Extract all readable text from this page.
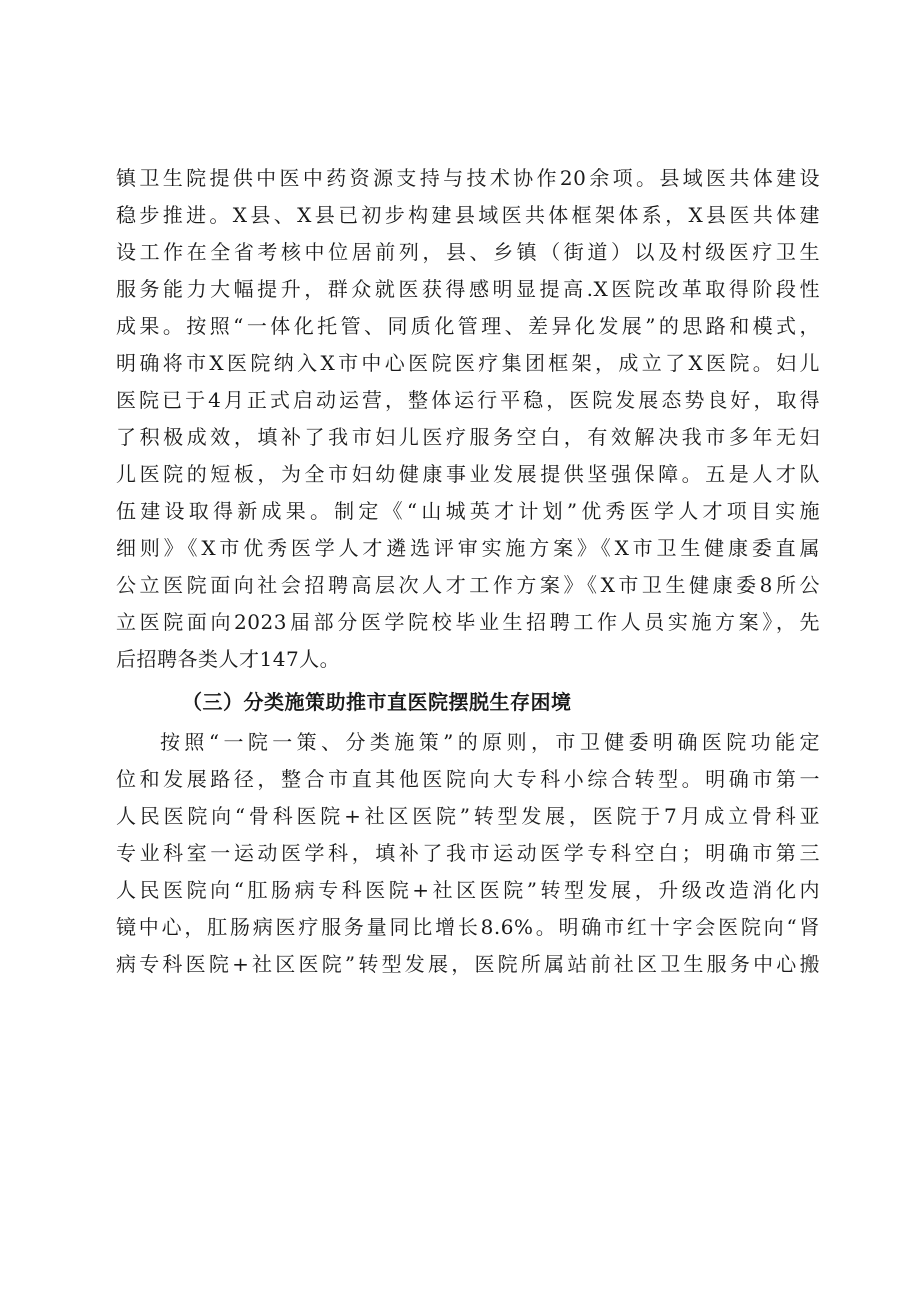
镇卫生院提供中医中药资源支持与技术协作20余项。县域医共体建设
稳步推进。X县、X县已初步构建县域医共体框架体系，X县医共体建
设工作在全省考核中位居前列，县、乡镇（街道）以及村级医疗卫生
服务能力大幅提升，群众就医获得感明显提高.X医院改革取得阶段性
成果。按照“一体化托管、同质化管理、差异化发展”的思路和模式，
明确将市X医院纳入X市中心医院医疗集团框架，成立了X医院。妇儿
医院已于4月正式启动运营，整体运行平稳，医院发展态势良好，取得
了积极成效，填补了我市妇儿医疗服务空白，有效解决我市多年无妇
儿医院的短板，为全市妇幼健康事业发展提供坚强保障。五是人才队
伍建设取得新成果。制定《“山城英才计划”优秀医学人才项目实施
细则》《X市优秀医学人才遴选评审实施方案》《X市卫生健康委直属
公立医院面向社会招聘高层次人才工作方案》《X市卫生健康委8所公
立医院面向2023届部分医学院校毕业生招聘工作人员实施方案》，先
后招聘各类人才147人。
（三）分类施策助推市直医院摆脱生存困境
按照“一院一策、分类施策”的原则，市卫健委明确医院功能定
位和发展路径，整合市直其他医院向大专科小综合转型。明确市第一
人民医院向“骨科医院+社区医院”转型发展，医院于7月成立骨科亚
专业科室一运动医学科，填补了我市运动医学专科空白；明确市第三
人民医院向“肛肠病专科医院+社区医院”转型发展，升级改造消化内
镜中心，肛肠病医疗服务量同比增长8.6%。明确市红十字会医院向“肾
病专科医院+社区医院”转型发展，医院所属站前社区卫生服务中心搬
